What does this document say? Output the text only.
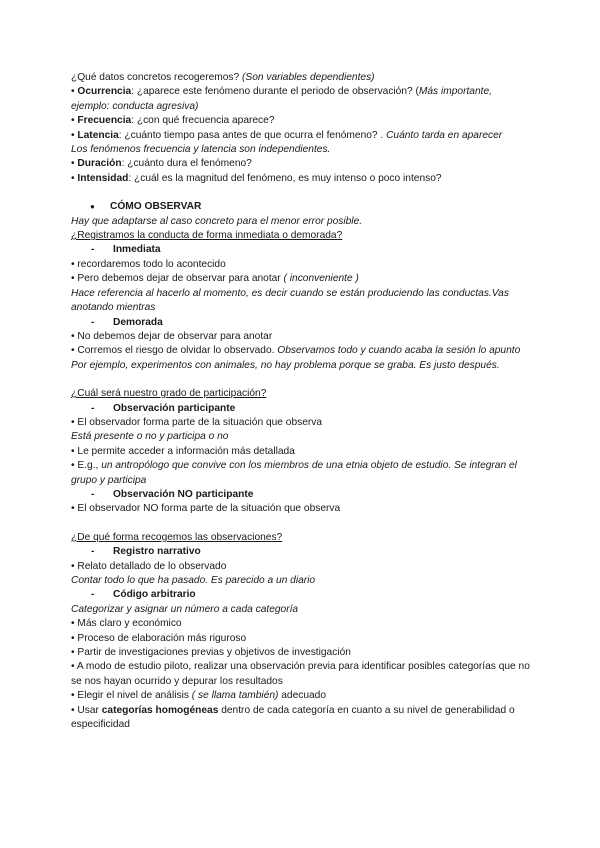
¿Qué datos concretos recogeremos? (Son variables dependientes)

• Ocurrencia: ¿aparece este fenómeno durante el periodo de observación? (Más importante, ejemplo: conducta agresiva)

• Frecuencia: ¿con qué frecuencia aparece?

• Latencia: ¿cuánto tiempo pasa antes de que ocurra el fenómeno? . Cuánto tarda en aparecer

Los fenómenos frecuencia y latencia son independientes.

• Duración: ¿cuánto dura el fenómeno?

• Intensidad: ¿cuál es la magnitud del fenómeno, es muy intenso o poco intenso?

● CÓMO OBSERVAR

Hay que adaptarse al caso concreto para el menor error posible.

¿Registramos la conducta de forma inmediata o demorada?

- Inmediata

• recordaremos todo lo acontecido

• Pero debemos dejar de observar para anotar ( inconveniente )

Hace referencia al hacerlo al momento, es decir cuando se están produciendo las conductas.Vas anotando mientras

- Demorada

• No debemos dejar de observar para anotar

• Corremos el riesgo de olvidar lo observado. Observamos todo y cuando acaba la sesión lo apunto

Por ejemplo, experimentos con animales, no hay problema porque se graba. Es justo después.

¿Cuál será nuestro grado de participación?

- Observación participante

• El observador forma parte de la situación que observa

Está presente o no y participa o no

• Le permite acceder a información más detallada

• E.g., un antropólogo que convive con los miembros de una etnia objeto de estudio. Se integran el grupo y participa

- Observación NO participante

• El observador NO forma parte de la situación que observa

¿De qué forma recogemos las observaciones?

- Registro narrativo

• Relato detallado de lo observado

Contar todo lo que ha pasado. Es parecido a un diario

- Código arbitrario

Categorizar y asignar un número a cada categoría

• Más claro y económico

• Proceso de elaboración más riguroso

• Partir de investigaciones previas y objetivos de investigación

• A modo de estudio piloto, realizar una observación previa para identificar posibles categorías que no se nos hayan ocurrido y depurar los resultados

• Elegir el nivel de análisis ( se llama también) adecuado

• Usar categorías homogéneas dentro de cada categoría en cuanto a su nivel de generabilidad o especificidad
